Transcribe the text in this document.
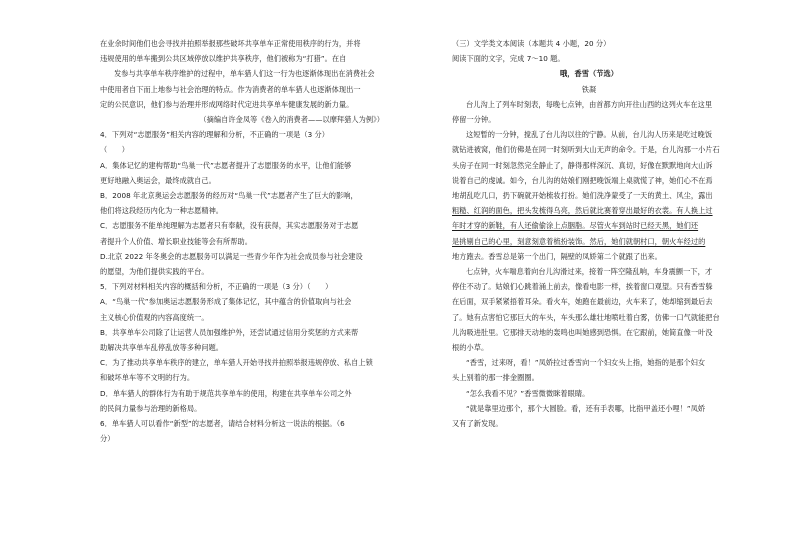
在业余时间他们也会寻找并拍照举报那些破坏共享单车正常使用秩序的行为，并将

违规使用的单车搬到公共区域停放以维护共享秩序，他们被称为“打猎”。在自

发参与共享单车秩序维护的过程中，单车猎人们这一行为也逐渐体现出在消费社会

中使用者自下而上地参与社会治理的特点。作为消费者的单车猎人也逐渐体现出一

定的公民意识，他们参与治理并形成网络时代定进共享单车健康发展的新力量。

（摘编自许金凤等《卷入的消费者——以摩拜猎人为例》）

4．下列对“志愿服务”相关内容的理解和分析，不正确的一项是（3 分）

（　　）

A．集体记忆的建构帮助“鸟巢一代”志愿者提升了志愿服务的水平，让他们能够

更好地融入奥运会，最终成就自己。

B．2008 年北京奥运会志愿服务的经历对“鸟巢一代”志愿者产生了巨大的影响，

他们将这段经历内化为一种志愿精神。

C．志愿服务不能单纯理解为志愿者只有奉献，没有获得，其实志愿服务对于志愿

者提升个人价值、增长职业技能等会有所帮助。

D.北京 2022 年冬奥会的志愿服务可以满足一些青少年作为社会成员参与社会建设

的愿望，为他们提供实践的平台。

5．下列对材料相关内容的概括和分析，不正确的一项是（3 分）（　　）

A．“鸟巢一代”参加奥运志愿服务形成了集体记忆，其中蕴含的价值取向与社会

主义核心价值观的内容高度统一。

B．共享单车公司除了让运营人员加强维护外，还尝试通过信用分奖惩的方式来帮

助解决共享单车乱停乱放等多种问题。

C．为了推动共享单车秩序的建立，单车猎人开始寻找并拍照举报违规停放、私自上锁

和破坏单车等不文明的行为。

D．单车猎人的群体行为有助于规范共享单车的使用，构建在共享单车公司之外

的民间力量参与治理的新格局。

6．单车猎人可以看作“新型”的志愿者，请结合材料分析这一说法的根据。（6

分）

（三）文学类文本阅读（本题共 4 小题，20 分）

阅读下面的文字，完成 7～10 题。

哦，香雪（节选）

铁凝

台儿沟上了列车时刻表，每晚七点钟，由首都方向开往山西的这列火车在这里

停留一分钟。

这短暂的一分钟，搅乱了台儿沟以往的宁静。从前，台儿沟人历来是吃过晚饭

就钻进被窝，他们仿佛是在同一时刻听到大山无声的命令。于是，台儿沟那一小片石

头房子在同一时刻忽然完全静止了，静得那样深沉、真切，好像在默默地向大山诉

说着自己的虔诚。如今，台儿沟的姑娘们刚把晚饭端上桌就慌了神，她们心不在焉

地胡乱吃几口，扔下碗就开始梳妆打扮。她们洗净蒙受了一天的黄土、风尘，露出

粗糙、红润的面色，把头发梳得乌亮，然后就比赛着穿出最好的衣裳。有人换上过

年时才穿的新鞋，有人还偷偷涂上点胭脂。尽管火车到站时已经天黑，她们还

是挑剔自己的心里，刻意刻意着梳扮装饰。然后，她们就朝村口，朝火车经过的

地方跑去。香雪总是第一个出门，隔壁的凤娇第二个就跟了出来。

七点钟，火车喘息着向台儿沟滑过来，接着一阵空隆乱响，车身震颤一下，才

停住不动了。姑娘们心跳着涌上前去，像看电影一样，挨着窗口观望。只有香雪躲

在后面，双手紧紧捂着耳朵。看火车，她跑在最前边，火车来了，她却缩到最后去

了。她有点害怕它那巨大的车头，车头那么雄壮地喷吐着白雾，仿佛一口气就能把台

儿沟吸进肚里。它那排天动地的轰鸣也叫她感到恐惧。在它跟前，她简直像一叶没

根的小草。

“香雪，过来呀，看！”凤娇拉过香雪向一个妇女头上指，她指的是那个妇女

头上别着的那一排金圈圈。

“怎么我看不见？”香雪微微眯着眼睛。

“就是靠里边那个，那个大圆脸。看，还有手表哪，比指甲盖还小哩！”凤娇

又有了新发现。
